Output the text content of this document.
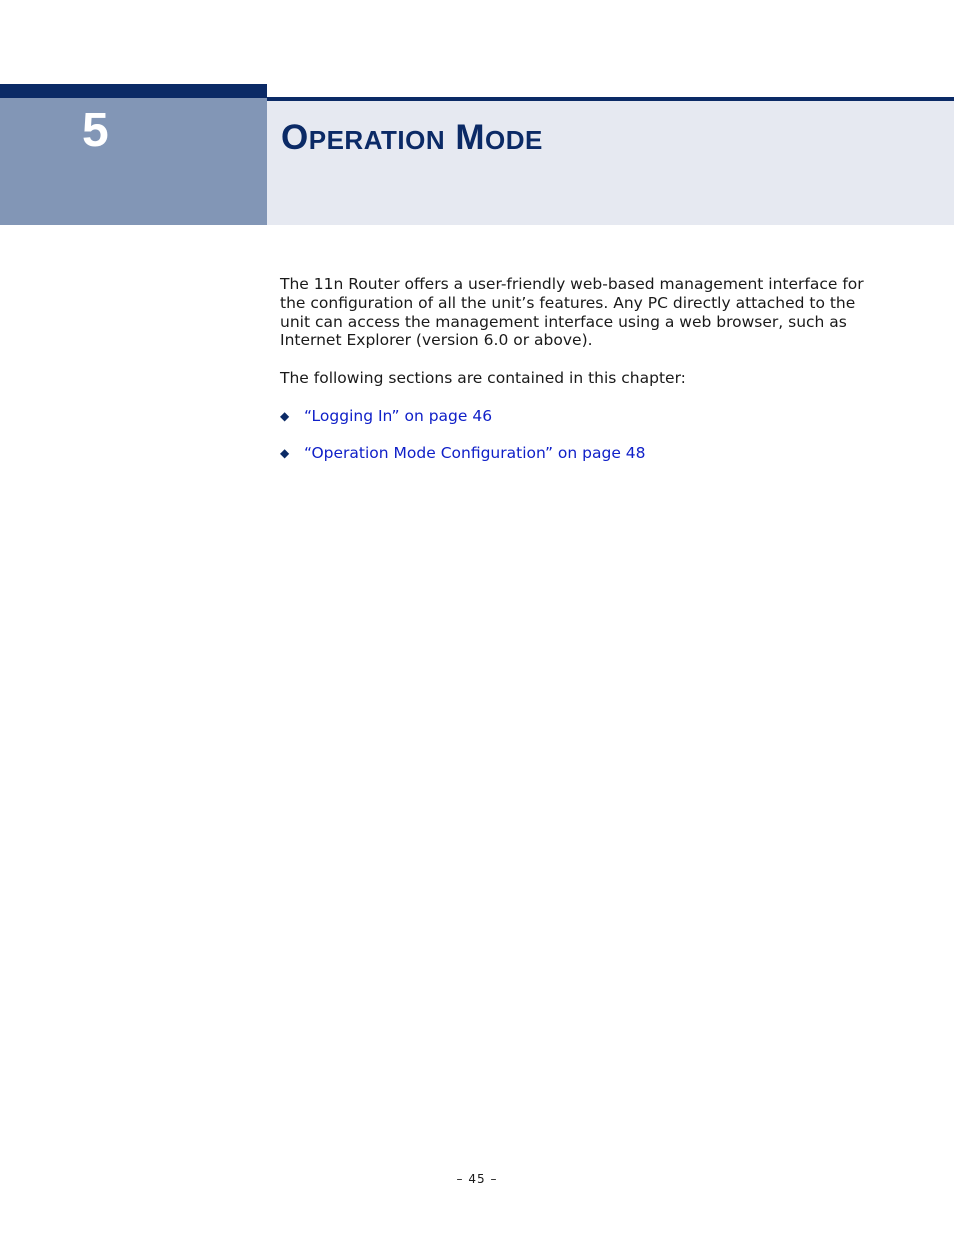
5	OPERATION MODE

The 11n Router offers a user-friendly web-based management interface for the configuration of all the unit’s features. Any PC directly attached to the unit can access the management interface using a web browser, such as Internet Explorer (version 6.0 or above).

The following sections are contained in this chapter:

◆ “Logging In” on page 46
◆ “Operation Mode Configuration” on page 48
– 45 –
